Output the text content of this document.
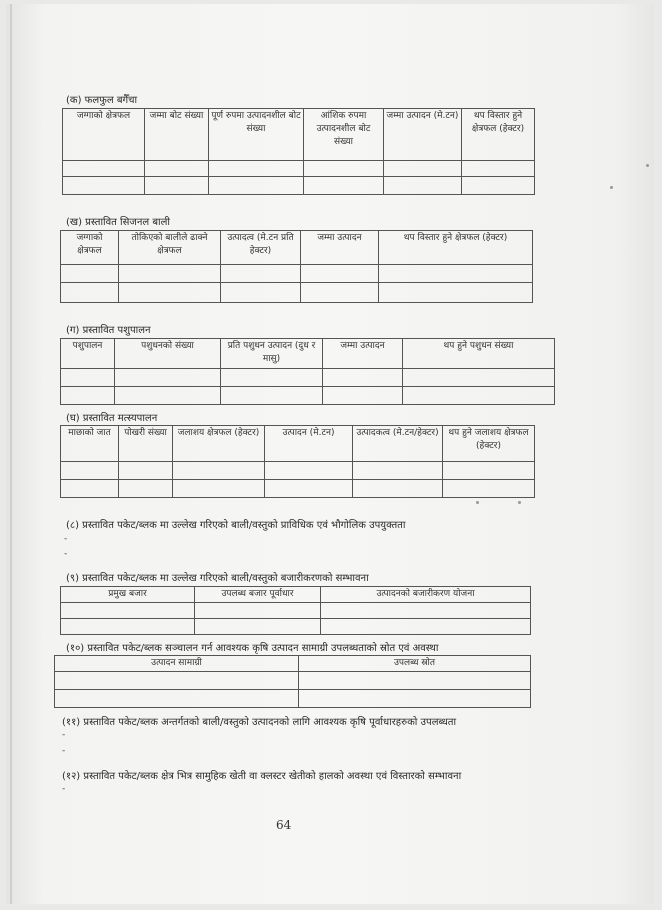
(क) फलफुल बगैँचा
जग्गाको क्षेत्रफल	जम्मा बोट संख्या	पूर्ण रुपमा उत्पादनशील बोट संख्या	आंशिक रुपमा उत्पादनशील बोट संख्या	जम्मा उत्पादन (मे.टन)	थप विस्तार हुने क्षेत्रफल (हेक्टर)

(ख) प्रस्तावित सिजनल बाली
जग्गाको क्षेत्रफल	तोकिएको बालीले ढाक्ने क्षेत्रफल	उत्पादत्व (मे.टन प्रति हेक्टर)	जम्मा उत्पादन	थप विस्तार हुने क्षेत्रफल (हेक्टर)

(ग) प्रस्तावित पशुपालन
पशुपालन	पशुधनको संख्या	प्रति पशुधन उत्पादन (दुध र मासु)	जम्मा उत्पादन	थप हुने पशुधन संख्या

(घ) प्रस्तावित मत्स्यपालन
माछाको जात	पोखरी संख्या	जलाशय क्षेत्रफल (हेक्टर)	उत्पादन (मे.टन)	उत्पादकत्व (मे.टन/हेक्टर)	थप हुने जलाशय क्षेत्रफल (हेक्टर)

(८) प्रस्तावित पकेट/ब्लक मा उल्लेख गरिएको बाली/वस्तुको प्राविधिक एवं भौगोलिक उपयुक्तता
-
-
(९) प्रस्तावित पकेट/ब्लक मा उल्लेख गरिएको बाली/वस्तुको बजारीकरणको सम्भावना
प्रमुख बजार	उपलब्ध बजार पूर्वाधार	उत्पादनको बजारीकरण योजना

(१०) प्रस्तावित पकेट/ब्लक सञ्चालन गर्न आवश्यक कृषि उत्पादन सामाग्री उपलब्धताको स्रोत एवं अवस्था
उत्पादन सामाग्री	उपलब्ध स्रोत

(११) प्रस्तावित पकेट/ब्लक अन्तर्गतको बाली/वस्तुको उत्पादनको लागि आवश्यक कृषि पूर्वाधारहरुको उपलब्धता
-
-
(१२) प्रस्तावित पकेट/ब्लक क्षेत्र भित्र सामुहिक खेती वा क्लस्टर खेतीको हालको अवस्था एवं विस्तारको सम्भावना
-
64
